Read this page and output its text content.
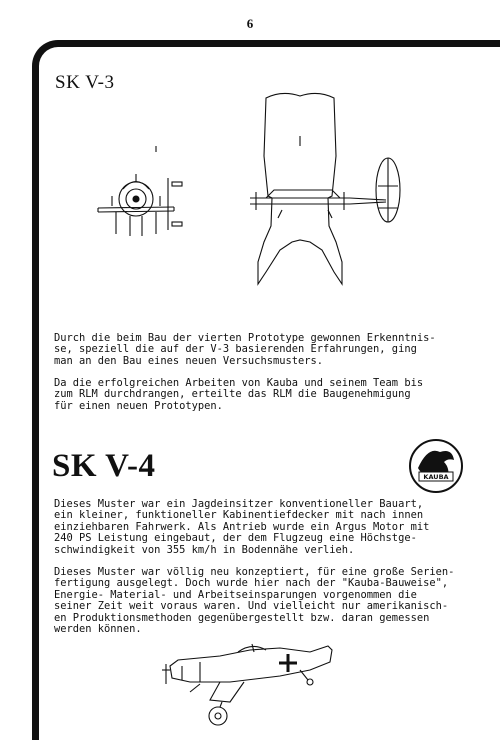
6
SK V-3

Durch die beim Bau der vierten Prototype gewonnen Erkenntnis-
se, speziell die auf der V-3 basierenden Erfahrungen, ging
man an den Bau eines neuen Versuchsmusters.

Da die erfolgreichen Arbeiten von Kauba und seinem Team bis
zum RLM durchdrangen, erteilte das RLM die Baugenehmigung
für einen neuen Prototypen.

SK V-4	KAUBA

Dieses Muster war ein Jagdeinsitzer konventioneller Bauart,
ein kleiner, funktioneller Kabinentiefdecker mit nach innen
einziehbaren Fahrwerk. Als Antrieb wurde ein Argus Motor mit
240 PS Leistung eingebaut, der dem Flugzeug eine Höchstge-
schwindigkeit von 355 km/h in Bodennähe verlieh.

Dieses Muster war völlig neu konzeptiert, für eine große Serien-
fertigung ausgelegt. Doch wurde hier nach der "Kauba-Bauweise",
Energie- Material- und Arbeitseinsparungen vorgenommen die
seiner Zeit weit voraus waren. Und vielleicht nur amerikanisch-
en Produktionsmethoden gegenübergestellt bzw. daran gemessen
werden können.
